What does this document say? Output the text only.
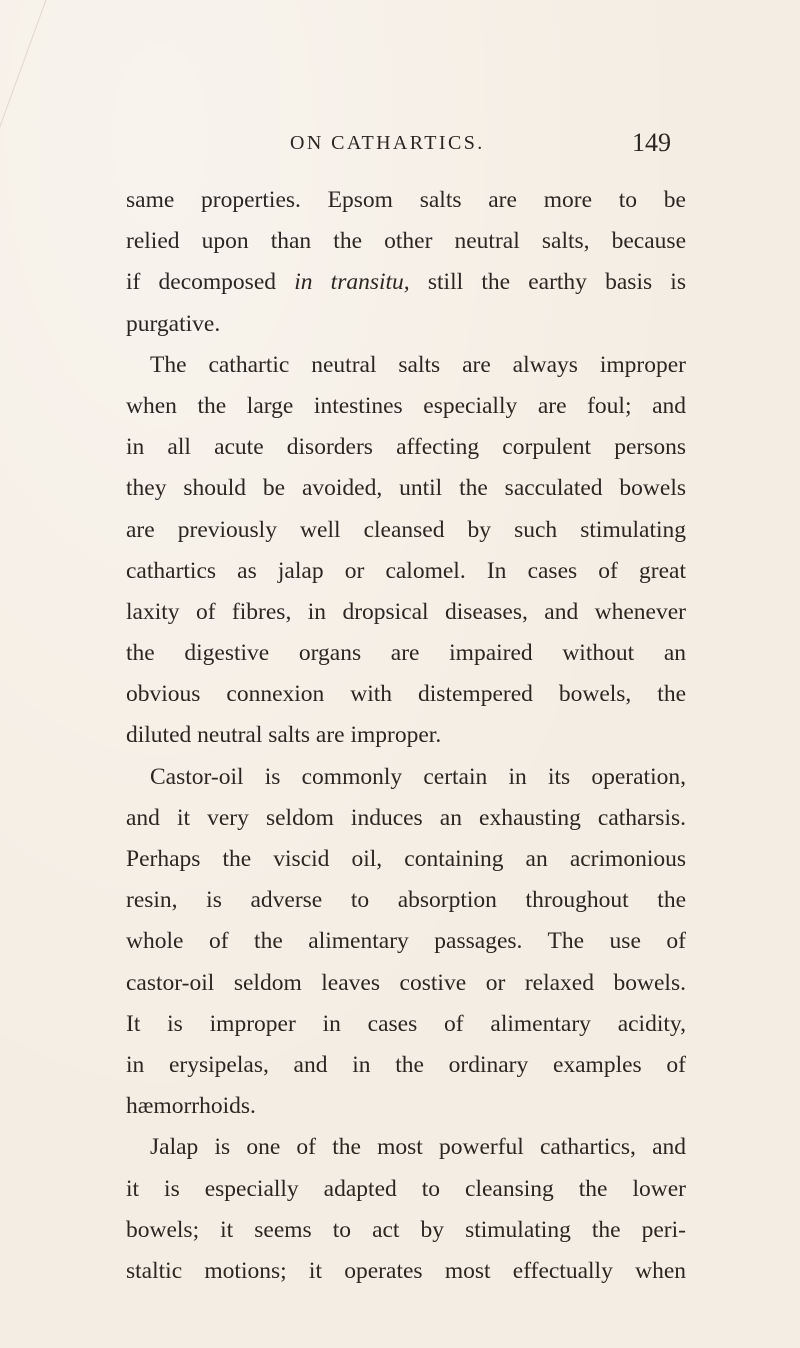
ON CATHARTICS.	149
same properties. Epsom salts are more to be
relied upon than the other neutral salts, because
if decomposed in transitu, still the earthy basis is
purgative.
The cathartic neutral salts are always improper
when the large intestines especially are foul; and
in all acute disorders affecting corpulent persons
they should be avoided, until the sacculated bowels
are previously well cleansed by such stimulating
cathartics as jalap or calomel. In cases of great
laxity of fibres, in dropsical diseases, and whenever
the digestive organs are impaired without an
obvious connexion with distempered bowels, the
diluted neutral salts are improper.
Castor-oil is commonly certain in its operation,
and it very seldom induces an exhausting catharsis.
Perhaps the viscid oil, containing an acrimonious
resin, is adverse to absorption throughout the
whole of the alimentary passages. The use of
castor-oil seldom leaves costive or relaxed bowels.
It is improper in cases of alimentary acidity,
in erysipelas, and in the ordinary examples of
hæmorrhoids.
Jalap is one of the most powerful cathartics, and
it is especially adapted to cleansing the lower
bowels; it seems to act by stimulating the peri-
staltic motions; it operates most effectually when
